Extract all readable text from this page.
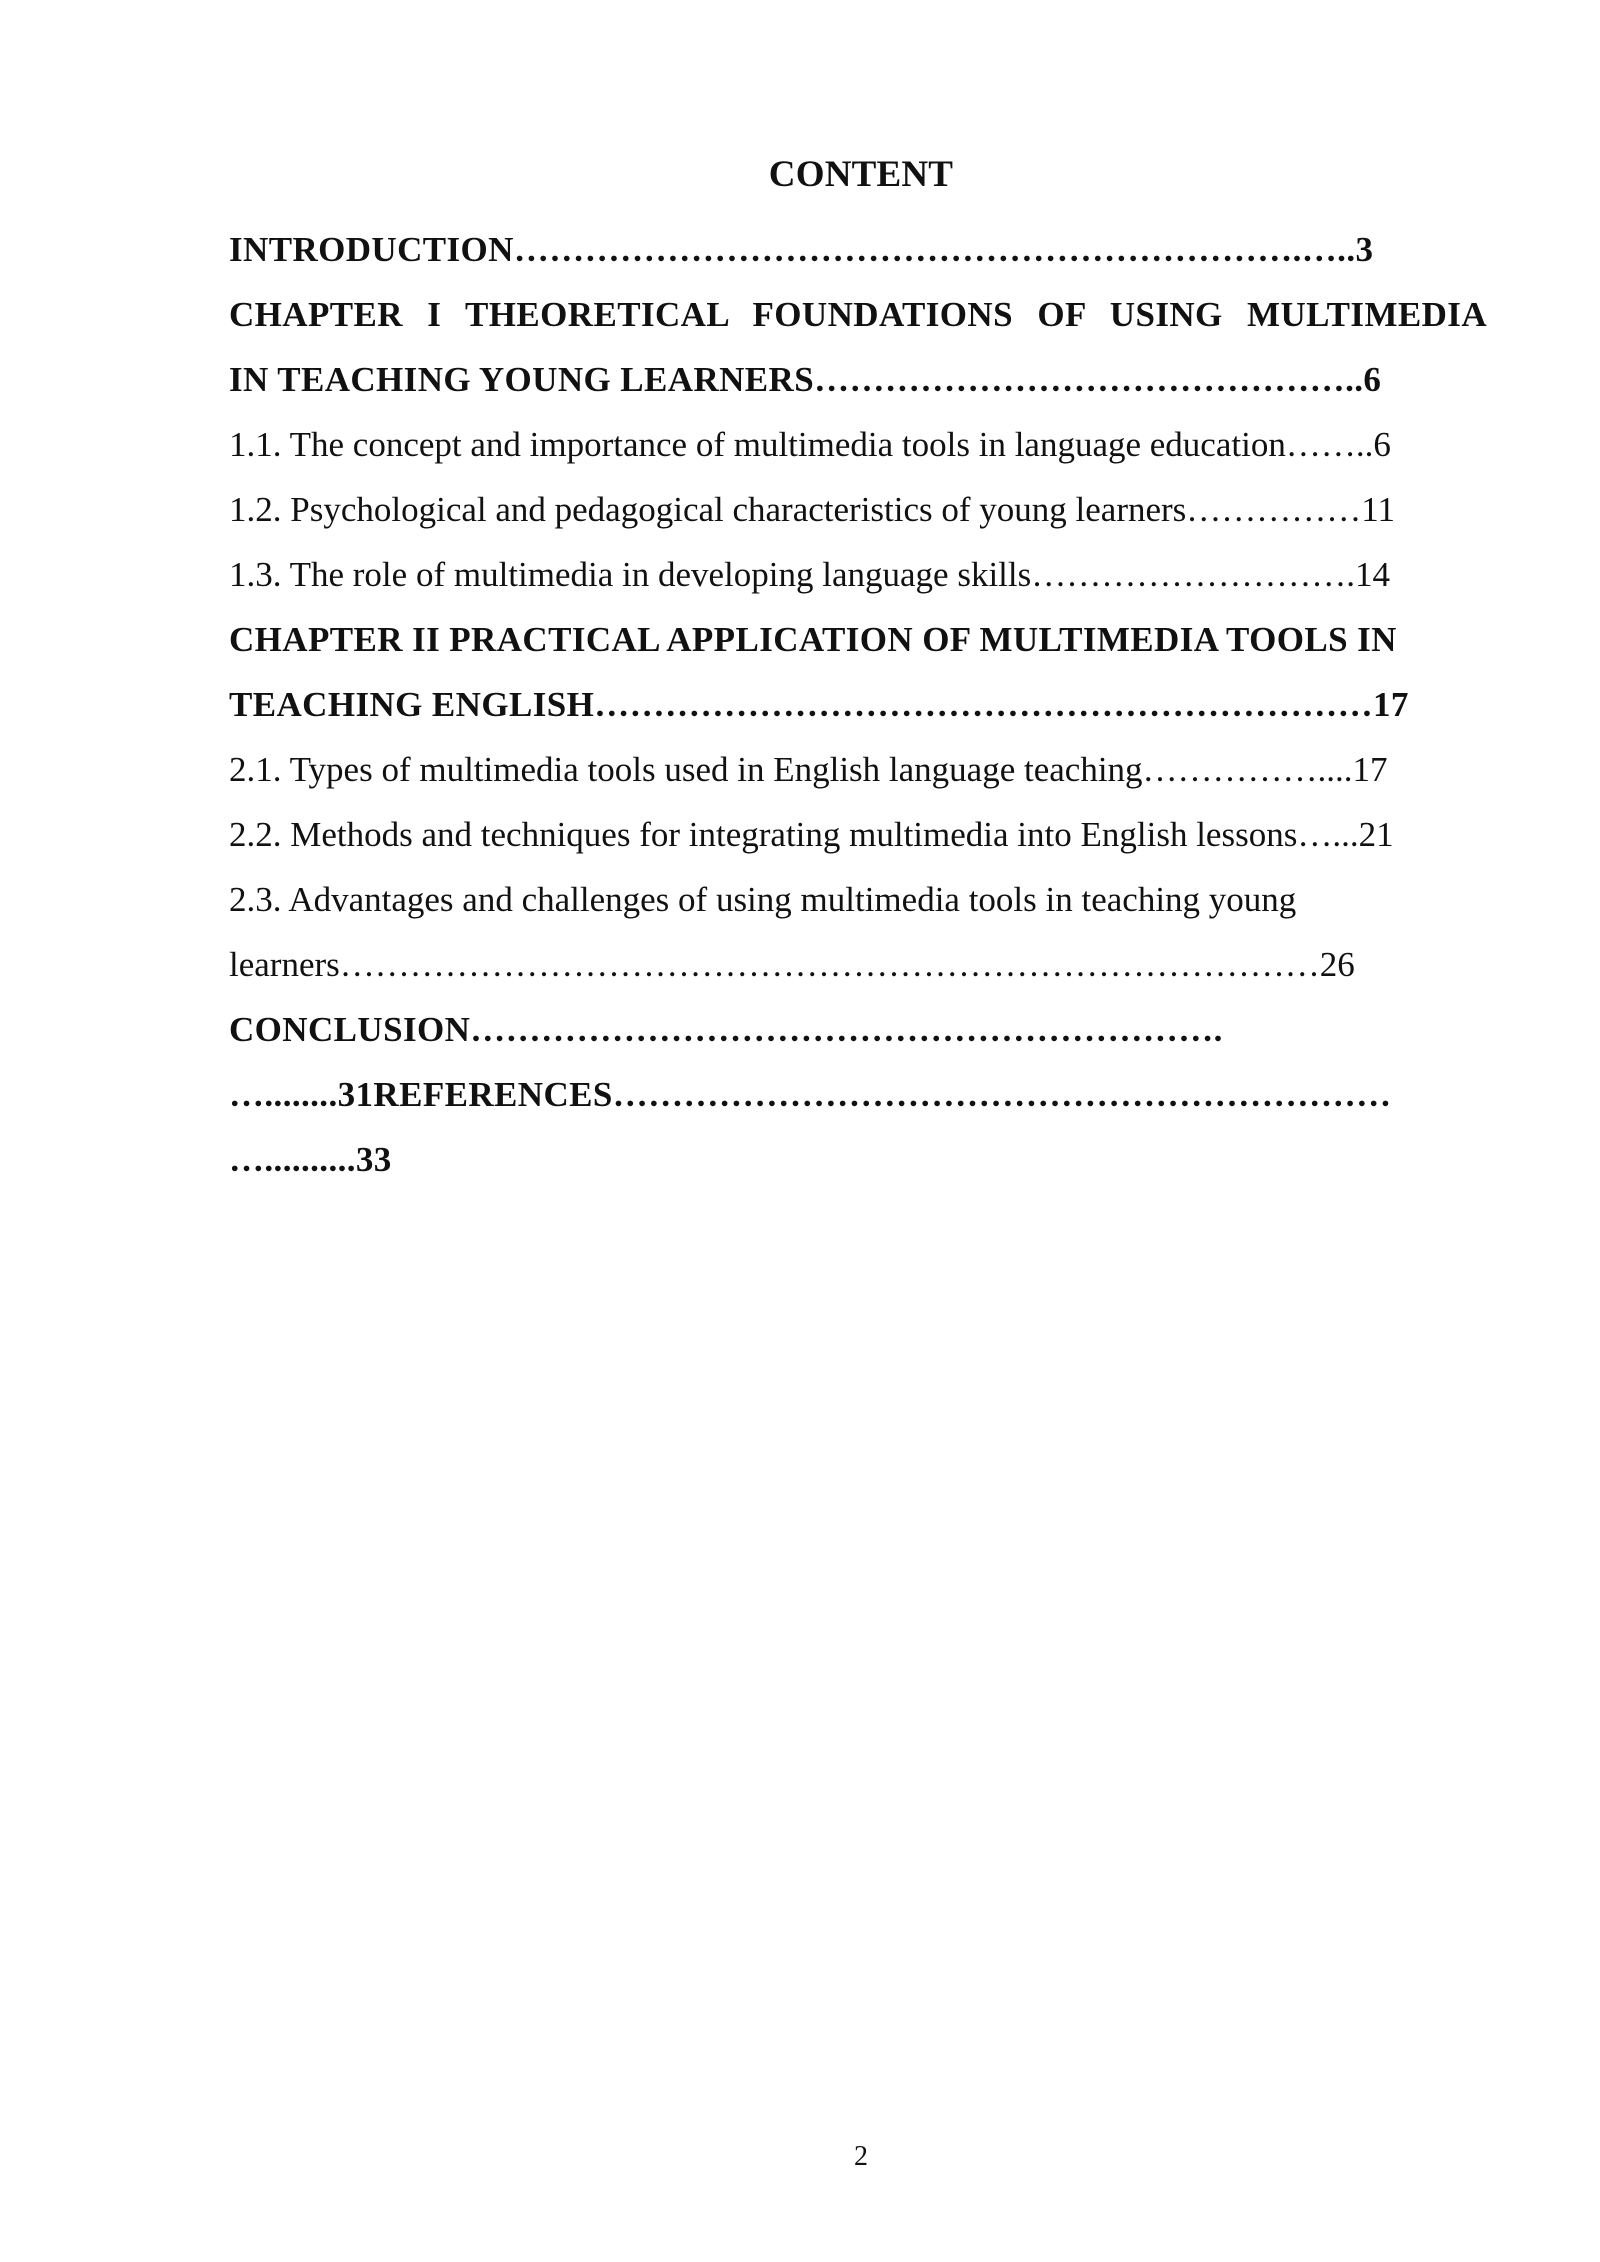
CONTENT
INTRODUCTION………………………………………………………….…..3
CHAPTER I THEORETICAL FOUNDATIONS OF USING MULTIMEDIA
IN TEACHING YOUNG LEARNERS………………………………………..6
1.1. The concept and importance of multimedia tools in language education……..6
1.2. Psychological and pedagogical characteristics of young learners……………11
1.3. The role of multimedia in developing language skills……………………….14
CHAPTER II PRACTICAL APPLICATION OF MULTIMEDIA TOOLS IN
TEACHING ENGLISH…………………………………………………………17
2.1. Types of multimedia tools used in English language teaching……………....17
2.2. Methods and techniques for integrating multimedia into English lessons…...21
2.3. Advantages and challenges of using multimedia tools in teaching young
learners…………………………………………………………………………26
CONCLUSION……………………………………………………….
…........31REFERENCES…………………………………………………………
…..........33
2
